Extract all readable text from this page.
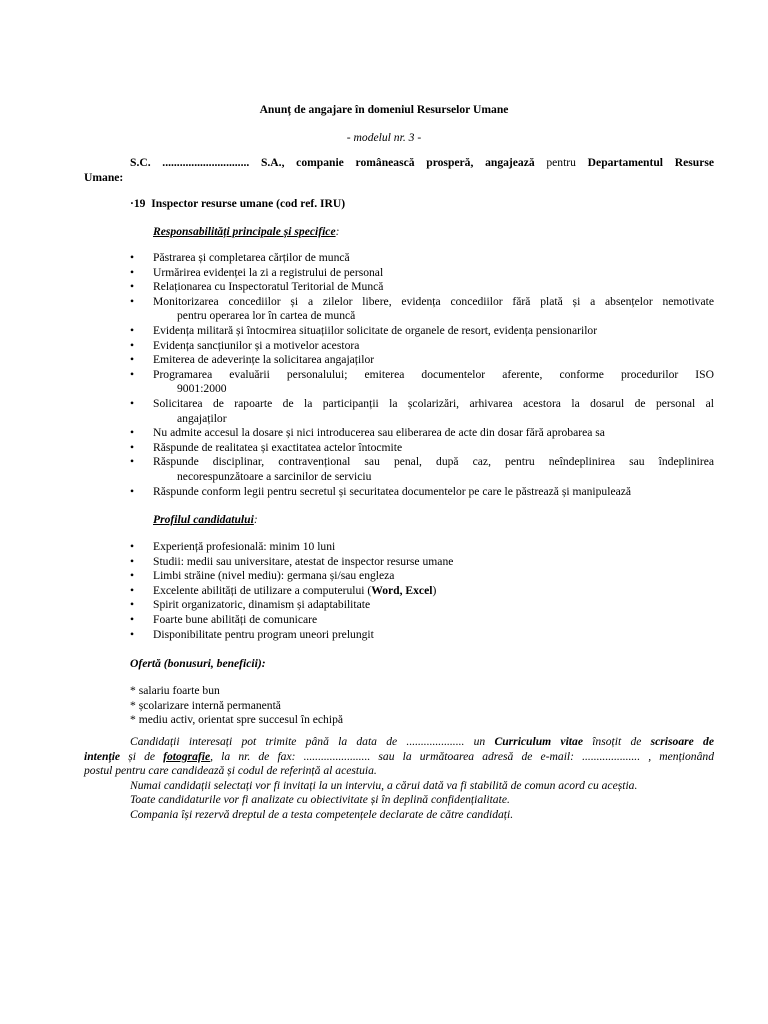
Anunț de angajare în domeniul Resurselor Umane
- modelul nr. 3 -
S.C. .............................. S.A., companie românească prosperă, angajează pentru Departamentul Resurse
Umane:
·19 Inspector resurse umane (cod ref. IRU)
Responsabilități principale și specifice:
• Păstrarea și completarea cărților de muncă
• Urmărirea evidenței la zi a registrului de personal
• Relaționarea cu Inspectoratul Teritorial de Muncă
• Monitorizarea concediilor și a zilelor libere, evidența concediilor fără plată și a absențelor nemotivate
pentru operarea lor în cartea de muncă
• Evidența militară și întocmirea situațiilor solicitate de organele de resort, evidența pensionarilor
• Evidența sancțiunilor și a motivelor acestora
• Emiterea de adeverințe la solicitarea angajaților
• Programarea evaluării personalului; emiterea documentelor aferente, conforme procedurilor ISO
9001:2000
• Solicitarea de rapoarte de la participanții la școlarizări, arhivarea acestora la dosarul de personal al
angajaților
• Nu admite accesul la dosare și nici introducerea sau eliberarea de acte din dosar fără aprobarea sa
• Răspunde de realitatea și exactitatea actelor întocmite
• Răspunde disciplinar, contravențional sau penal, după caz, pentru neîndeplinirea sau îndeplinirea
necorespunzătoare a sarcinilor de serviciu
• Răspunde conform legii pentru secretul și securitatea documentelor pe care le păstrează și manipulează
Profilul candidatului:
• Experiență profesională: minim 10 luni
• Studii: medii sau universitare, atestat de inspector resurse umane
• Limbi străine (nivel mediu): germana și/sau engleza
• Excelente abilități de utilizare a computerului (Word, Excel)
• Spirit organizatoric, dinamism și adaptabilitate
• Foarte bune abilități de comunicare
• Disponibilitate pentru program uneori prelungit
Ofertă (bonusuri, beneficii):
* salariu foarte bun
* școlarizare internă permanentă
* mediu activ, orientat spre succesul în echipă
Candidații interesați pot trimite până la data de .................... un Curriculum vitae însoțit de scrisoare de
intenție și de fotografie, la nr. de fax: ....................... sau la următoarea adresă de e-mail: .................... , menționând
postul pentru care candidează și codul de referință al acestuia.
Numai candidații selectați vor fi invitați la un interviu, a cărui dată va fi stabilită de comun acord cu aceștia.
Toate candidaturile vor fi analizate cu obiectivitate și în deplină confidențialitate.
Compania își rezervă dreptul de a testa competențele declarate de către candidați.
